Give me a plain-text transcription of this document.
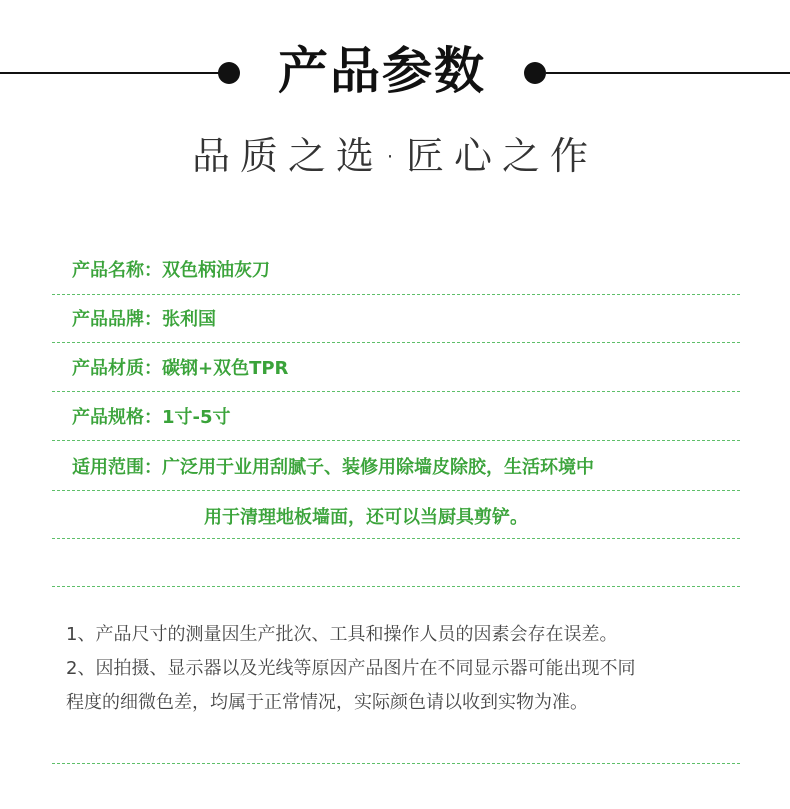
产品参数
品质之选·匠心之作
产品名称：双色柄油灰刀
产品品牌：张利国
产品材质：碳钢+双色TPR
产品规格：1寸-5寸
适用范围：广泛用于业用刮腻子、装修用除墙皮除胶，生活环境中
用于清理地板墙面，还可以当厨具剪铲。
1、产品尺寸的测量因生产批次、工具和操作人员的因素会存在误差。
2、因拍摄、显示器以及光线等原因产品图片在不同显示器可能出现不同
程度的细微色差，均属于正常情况，实际颜色请以收到实物为准。
